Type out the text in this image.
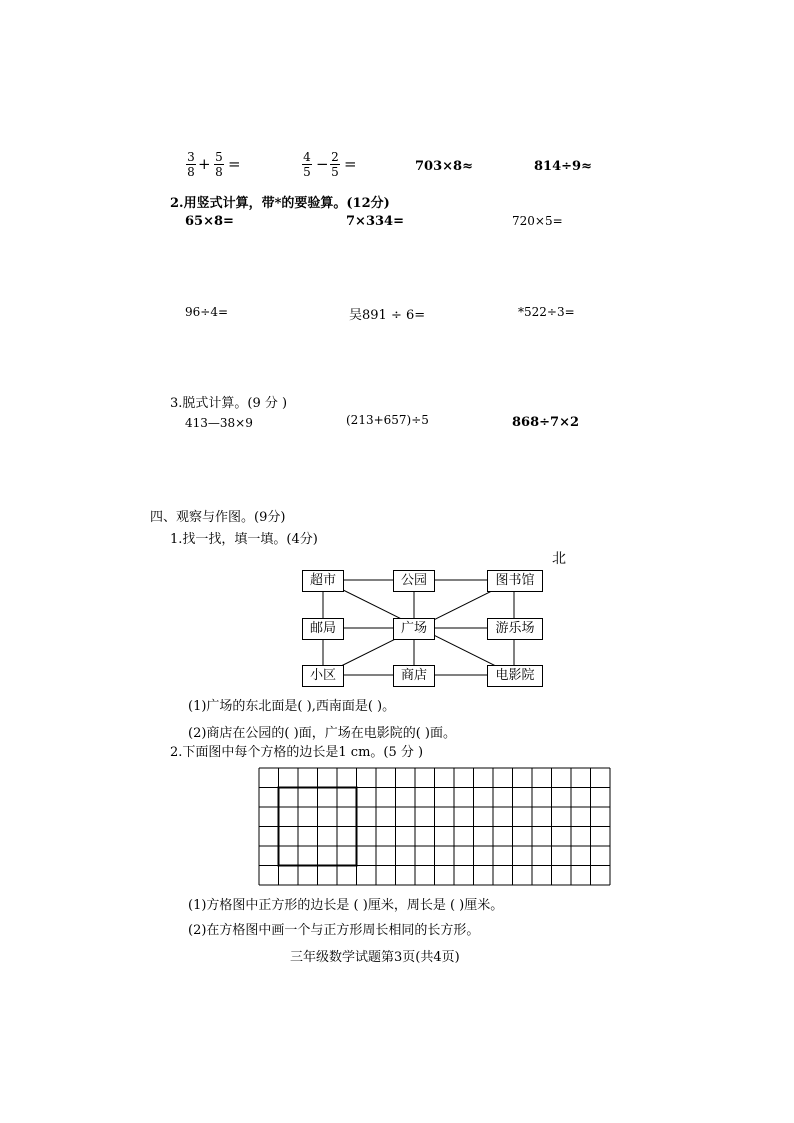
3
8 + 5
8 =	4
5 − 2
5 =	703×8≈	814÷9≈
2.用竖式计算，带*的要验算。(12分)
65×8=	7×334=	720×5=
96÷4=	吴891 ÷ 6=	*522÷3=
3.脱式计算。(9 分 )
413—38×9	(213+657)÷5	868÷7×2
四、观察与作图。(9分)
1.找一找，填一填。(4分)
北
超市	公园	图书馆
邮局	广场	游乐场
小区	商店	电影院
(1)广场的东北面是( ),西南面是( )。
(2)商店在公园的( )面，广场在电影院的( )面。
2.下面图中每个方格的边长是1 cm。(5 分 )
(1)方格图中正方形的边长是 ( )厘米，周长是 ( )厘米。
(2)在方格图中画一个与正方形周长相同的长方形。
三年级数学试题第3页(共4页)
